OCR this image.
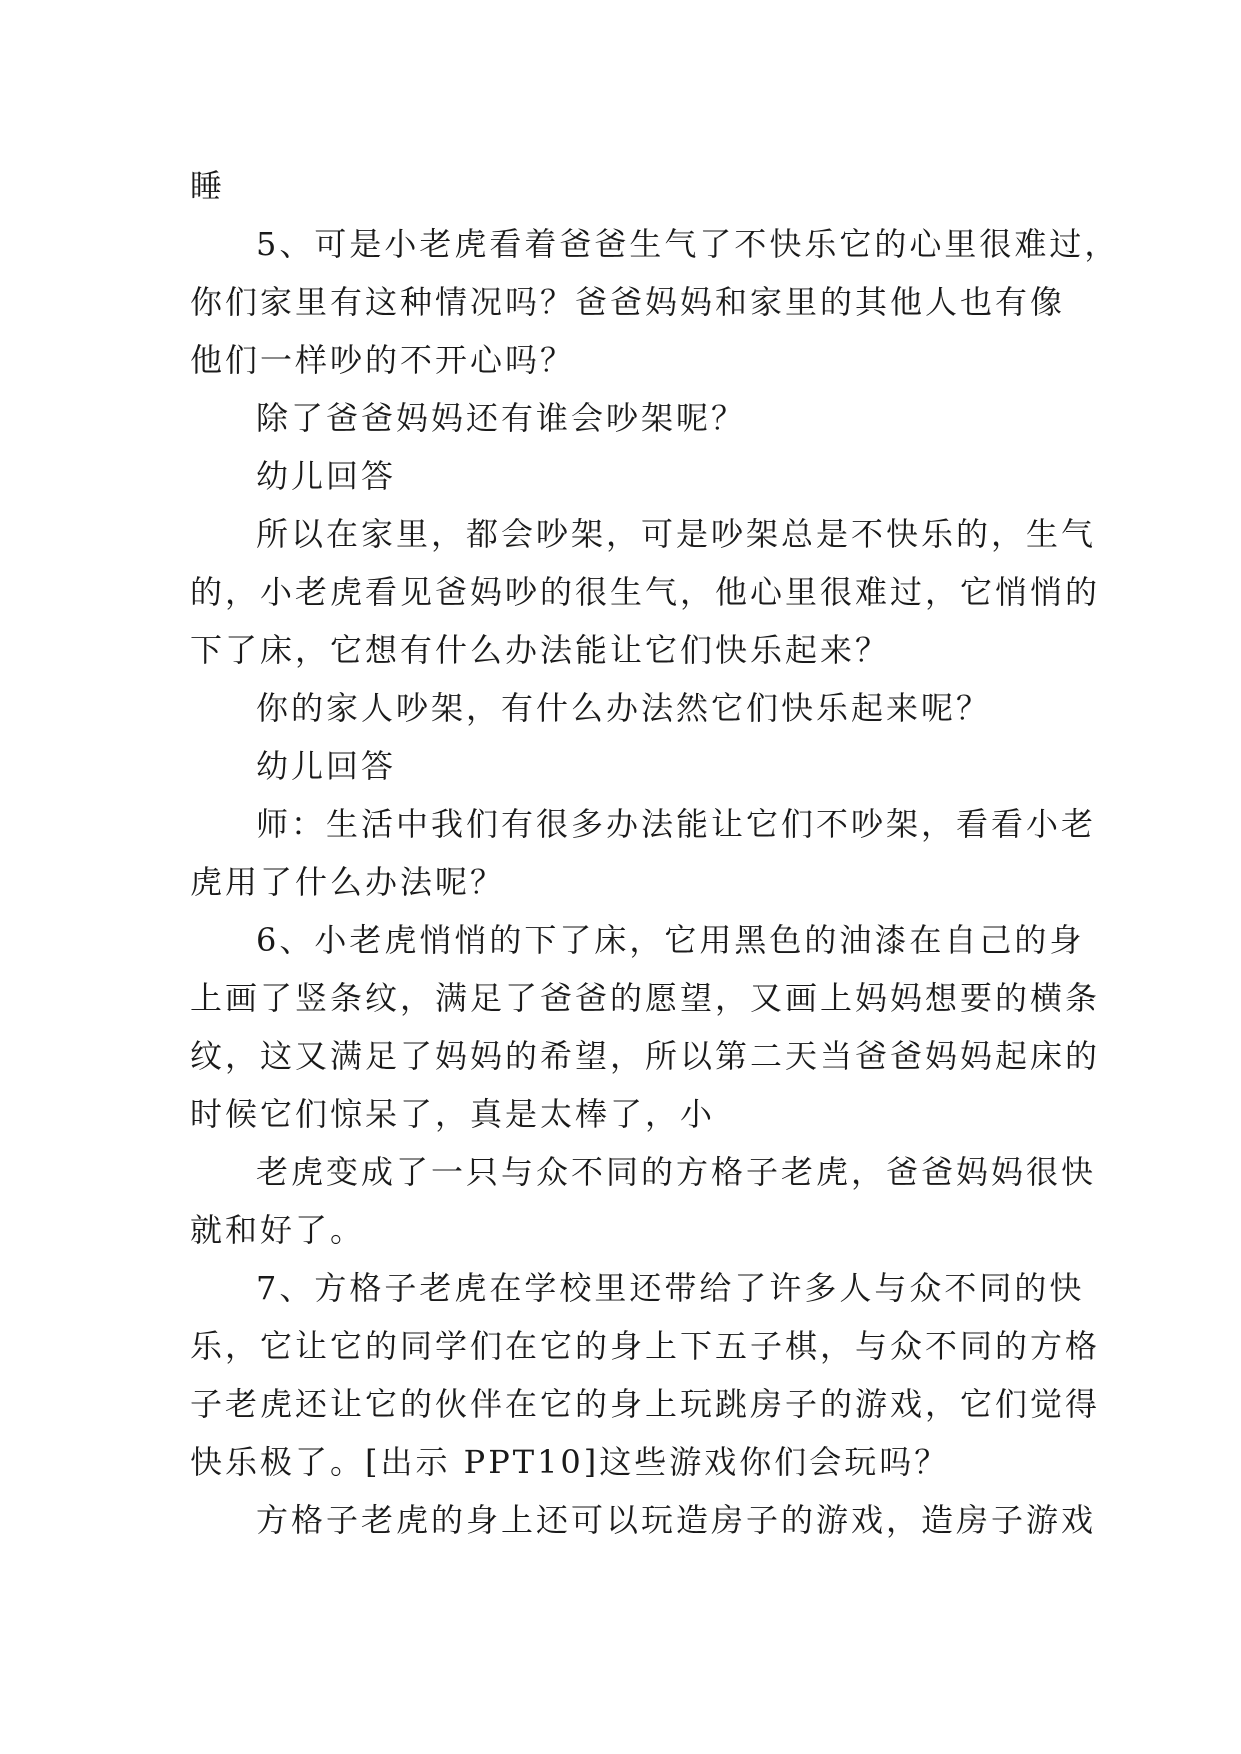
睡
5、可是小老虎看着爸爸生气了不快乐它的心里很难过，
你们家里有这种情况吗？爸爸妈妈和家里的其他人也有像
他们一样吵的不开心吗？
除了爸爸妈妈还有谁会吵架呢？
幼儿回答
所以在家里，都会吵架，可是吵架总是不快乐的，生气
的，小老虎看见爸妈吵的很生气，他心里很难过，它悄悄的
下了床，它想有什么办法能让它们快乐起来？
你的家人吵架，有什么办法然它们快乐起来呢？
幼儿回答
师：生活中我们有很多办法能让它们不吵架，看看小老
虎用了什么办法呢？
6、小老虎悄悄的下了床，它用黑色的油漆在自己的身
上画了竖条纹，满足了爸爸的愿望，又画上妈妈想要的横条
纹，这又满足了妈妈的希望，所以第二天当爸爸妈妈起床的
时候它们惊呆了，真是太棒了，小
老虎变成了一只与众不同的方格子老虎，爸爸妈妈很快
就和好了。
7、方格子老虎在学校里还带给了许多人与众不同的快
乐，它让它的同学们在它的身上下五子棋，与众不同的方格
子老虎还让它的伙伴在它的身上玩跳房子的游戏，它们觉得
快乐极了。[出示 PPT10]这些游戏你们会玩吗？
方格子老虎的身上还可以玩造房子的游戏，造房子游戏
